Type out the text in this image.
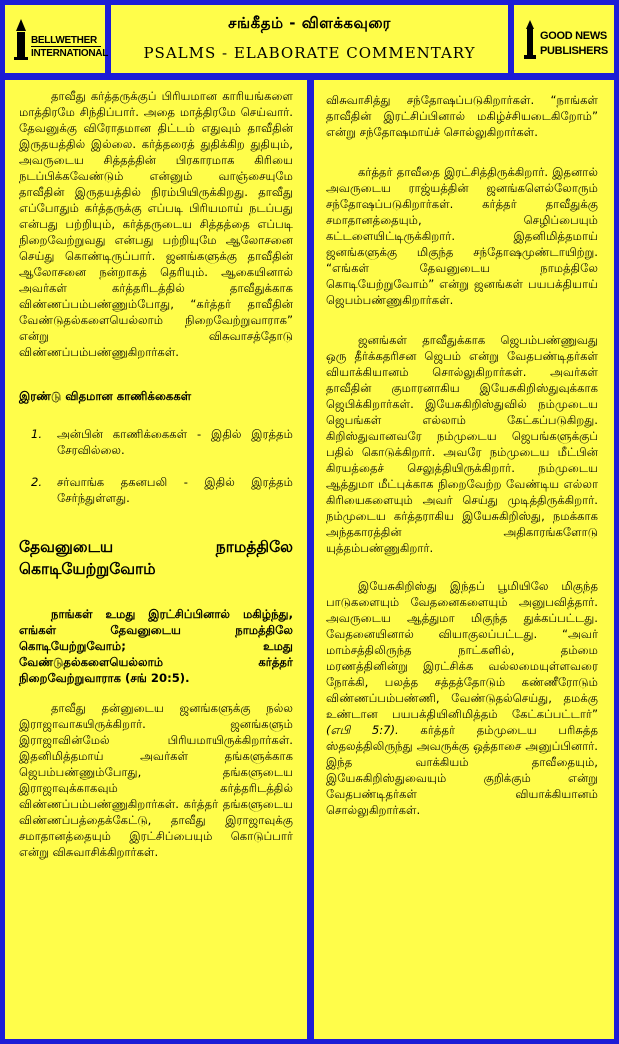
BELLWETHER
INTERNATIONAL
சங்கீதம் - விளக்கவுரை
PSALMS - ELABORATE COMMENTARY
GOOD NEWS
PUBLISHERS

தாவீது கர்த்தருக்குப் பிரியமான காரியங்களை மாத்திரமே சிந்திப்பார். அதை மாத்திரமே செய்வார். தேவனுக்கு விரோதமான திட்டம் எதுவும் தாவீதின் இருதயத்தில் இல்லை. கர்த்தரைத் துதிக்கிற துதியும், அவருடைய சித்தத்தின் பிரகாரமாக கிரியை நடப்பிக்கவேண்டும் என்னும் வாஞ்சையுமே தாவீதின் இருதயத்தில் நிரம்பியிருக்கிறது. தாவீது எப்போதும் கர்த்தருக்கு எப்படி பிரியமாய் நடப்பது என்பது பற்றியும், கர்த்தருடைய சித்தத்தை எப்படி நிறைவேற்றுவது என்பது பற்றியுமே ஆலோசனை செய்து கொண்டிருப்பார். ஜனங்களுக்கு தாவீதின் ஆலோசனை நன்றாகத் தெரியும். ஆகையினால் அவர்கள் கர்த்தரிடத்தில் தாவீதுக்காக விண்ணப்பம்பண்ணும்போது, “கர்த்தர் தாவீதின் வேண்டுதல்களையெல்லாம் நிறைவேற்றுவாராக” என்று விசுவாசத்தோடு விண்ணப்பம்பண்ணுகிறார்கள்.

இரண்டு விதமான காணிக்கைகள்

1. அன்பின் காணிக்கைகள் - இதில் இரத்தம் சேரவில்லை.
2. சர்வாங்க தகனபலி - இதில் இரத்தம் சேர்ந்துள்ளது.

தேவனுடைய நாமத்திலே கொடியேற்றுவோம்

நாங்கள் உமது இரட்சிப்பினால் மகிழ்ந்து, எங்கள் தேவனுடைய நாமத்திலே கொடியேற்றுவோம்; உமது வேண்டுதல்களையெல்லாம் கர்த்தர் நிறைவேற்றுவாராக (சங் 20:5).

தாவீது தன்னுடைய ஜனங்களுக்கு நல்ல இராஜாவாகயிருக்கிறார். ஜனங்களும் இராஜாவின்மேல் பிரியமாயிருக்கிறார்கள். இதனிமித்தமாய் அவர்கள் தங்களுக்காக ஜெபம்பண்ணும்போது, தங்களுடைய இராஜாவுக்காகவும் கர்த்தரிடத்தில் விண்ணப்பம்பண்ணுகிறார்கள். கர்த்தர் தங்களுடைய விண்ணப்பத்தைக்கேட்டு, தாவீது இராஜாவுக்கு சமாதானத்தையும் இரட்சிப்பையும் கொடுப்பார் என்று விசுவாசிக்கிறார்கள்.

விசுவாசித்து சந்தோஷப்படுகிறார்கள். “நாங்கள் தாவீதின் இரட்சிப்பினால் மகிழ்ச்சியடைகிறோம்” என்று சந்தோஷமாய்ச் சொல்லுகிறார்கள்.

கர்த்தர் தாவீதை இரட்சித்திருக்கிறார். இதனால் அவருடைய ராஜ்யத்தின் ஜனங்களெல்லோரும் சந்தோஷப்படுகிறார்கள். கர்த்தர் தாவீதுக்கு சமாதானத்தையும், செழிப்பையும் கட்டளையிட்டிருக்கிறார். இதனிமித்தமாய் ஜனங்களுக்கு மிகுந்த சந்தோஷமுண்டாயிற்று. “எங்கள் தேவனுடைய நாமத்திலே கொடியேற்றுவோம்” என்று ஜனங்கள் பயபக்தியாய் ஜெபம்பண்ணுகிறார்கள்.

ஜனங்கள் தாவீதுக்காக ஜெபம்பண்ணுவது ஒரு தீர்க்கதரிசன ஜெபம் என்று வேதபண்டிதர்கள் வியாக்கியானம் சொல்லுகிறார்கள். அவர்கள் தாவீதின் குமாரனாகிய இயேசுகிறிஸ்துவுக்காக ஜெபிக்கிறார்கள். இயேசுகிறிஸ்துவில் நம்முடைய ஜெபங்கள் எல்லாம் கேட்கப்படுகிறது. கிறிஸ்துவானவரே நம்முடைய ஜெபங்களுக்குப் பதில் கொடுக்கிறார். அவரே நம்முடைய மீட்பின் கிரயத்தைச் செலுத்தியிருக்கிறார். நம்முடைய ஆத்துமா மீட்புக்காக நிறைவேற்ற வேண்டிய எல்லா கிரியைகளையும் அவர் செய்து முடித்திருக்கிறார். நம்முடைய கர்த்தராகிய இயேசுகிறிஸ்து, நமக்காக அந்தகாரத்தின் அதிகாரங்களோடு யுத்தம்பண்ணுகிறார்.

இயேசுகிறிஸ்து இந்தப் பூமியிலே மிகுந்த பாடுகளையும் வேதனைகளையும் அனுபவித்தார். அவருடைய ஆத்துமா மிகுந்த துக்கப்பட்டது. வேதனையினால் வியாகுலப்பட்டது. “அவர் மாம்சத்திலிருந்த நாட்களில், தம்மை மரணத்தினின்று இரட்சிக்க வல்லமையுள்ளவரை நோக்கி, பலத்த சத்தத்தோடும் கண்ணீரோடும் விண்ணப்பம்பண்ணி, வேண்டுதல்செய்து, தமக்கு உண்டான பயபக்தியினிமித்தம் கேட்கப்பட்டார்” (எபி 5:7). கர்த்தர் தம்முடைய பரிசுத்த ஸ்தலத்திலிருந்து அவருக்கு ஒத்தாசை அனுப்பினார். இந்த வாக்கியம் தாவீதையும், இயேசுகிறிஸ்துவையும் குறிக்கும் என்று வேதபண்டிதர்கள் வியாக்கியானம் சொல்லுகிறார்கள்.
